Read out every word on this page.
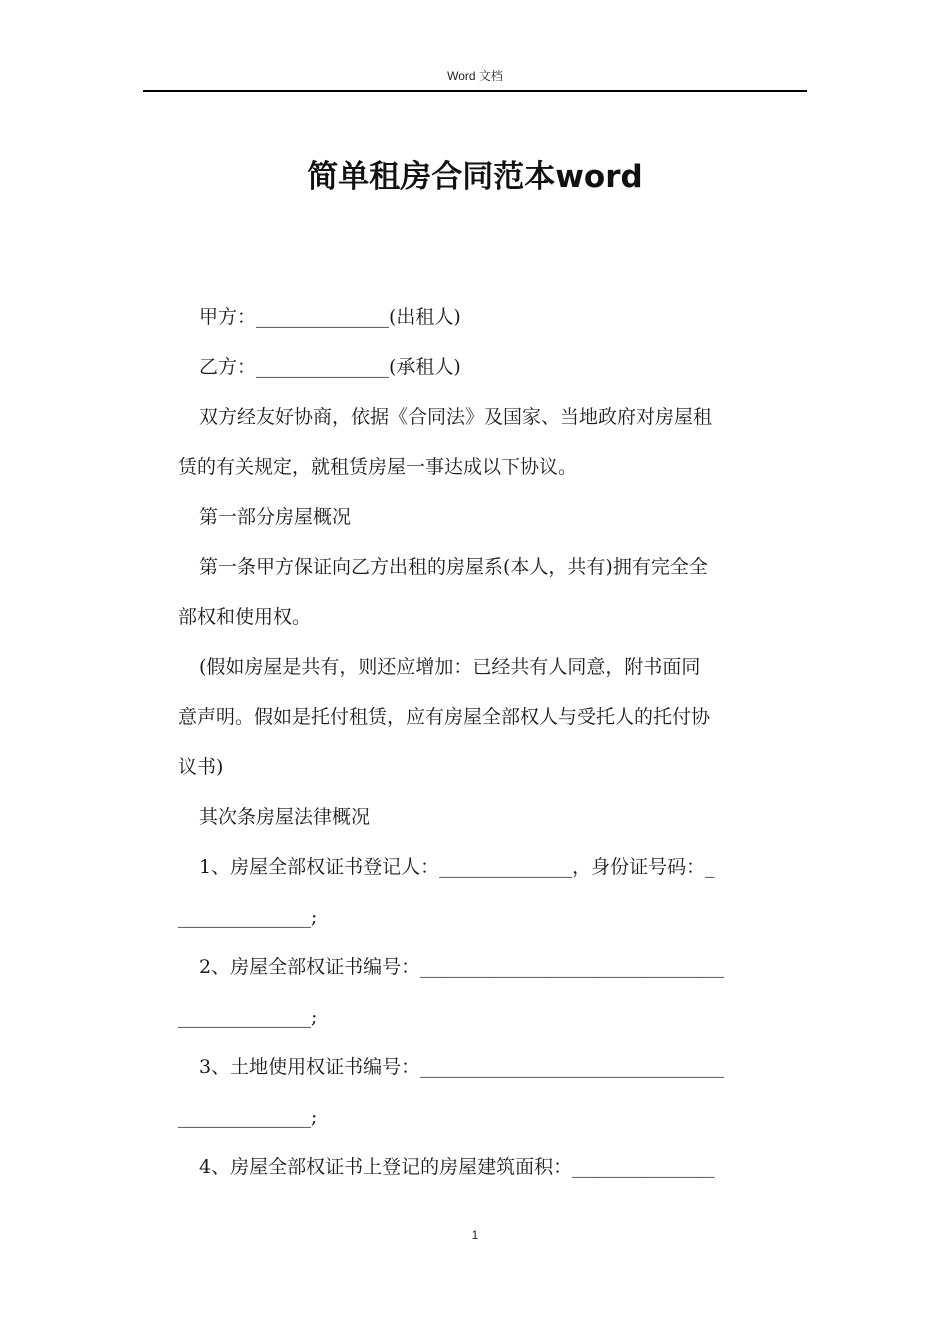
Word 文档
简单租房合同范本word

甲方：______________(出租人)

乙方：______________(承租人)

双方经友好协商，依据《合同法》及国家、当地政府对房屋租

赁的有关规定，就租赁房屋一事达成以下协议。

第一部分房屋概况

第一条甲方保证向乙方出租的房屋系(本人，共有)拥有完全全

部权和使用权。

(假如房屋是共有，则还应增加：已经共有人同意，附书面同

意声明。假如是托付租赁，应有房屋全部权人与受托人的托付协

议书)

其次条房屋法律概况

1、房屋全部权证书登记人：______________，身份证号码：_

______________;

2、房屋全部权证书编号：________________________________

______________;

3、土地使用权证书编号：________________________________

______________;

4、房屋全部权证书上登记的房屋建筑面积：_______________

1
